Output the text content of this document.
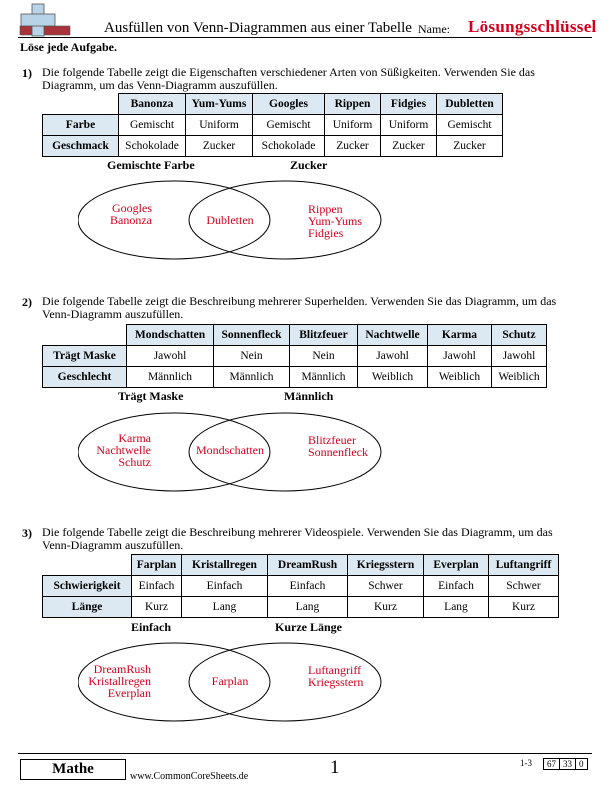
Ausfüllen von Venn-Diagrammen aus einer Tabelle Name: Lösungsschlüssel
Löse jede Aufgabe.
1) Die folgende Tabelle zeigt die Eigenschaften verschiedener Arten von Süßigkeiten. Verwenden Sie das Diagramm, um das Venn-Diagramm auszufüllen.
	Banonza	Yum-Yums	Googles	Rippen	Fidgies	Dubletten
Farbe	Gemischt	Uniform	Gemischt	Uniform	Uniform	Gemischt
Geschmack	Schokolade	Zucker	Schokolade	Zucker	Zucker	Zucker
Gemischte Farbe	Zucker
Googles
Banonza	Dubletten
Rippen
Yum-Yums
Fidgies
2) Die folgende Tabelle zeigt die Beschreibung mehrerer Superhelden. Verwenden Sie das Diagramm, um das Venn-Diagramm auszufüllen.
	Mondschatten	Sonnenfleck	Blitzfeuer	Nachtwelle	Karma	Schutz
Trägt Maske	Jawohl	Nein	Nein	Jawohl	Jawohl	Jawohl
Geschlecht	Männlich	Männlich	Männlich	Weiblich	Weiblich	Weiblich
Trägt Maske	Männlich
Karma
Nachtwelle
Schutz
Mondschatten
Blitzfeuer
Sonnenfleck
3) Die folgende Tabelle zeigt die Beschreibung mehrerer Videospiele. Verwenden Sie das Diagramm, um das Venn-Diagramm auszufüllen.
	Farplan	Kristallregen	DreamRush	Kriegsstern	Everplan	Luftangriff
Schwierigkeit	Einfach	Einfach	Einfach	Schwer	Einfach	Schwer
Länge	Kurz	Lang	Lang	Kurz	Lang	Kurz
Einfach	Kurze Länge
DreamRush
Kristallregen
Everplan
Farplan
Luftangriff
Kriegsstern
Mathe	www.CommonCoreSheets.de	1	1-3 67	33	0
